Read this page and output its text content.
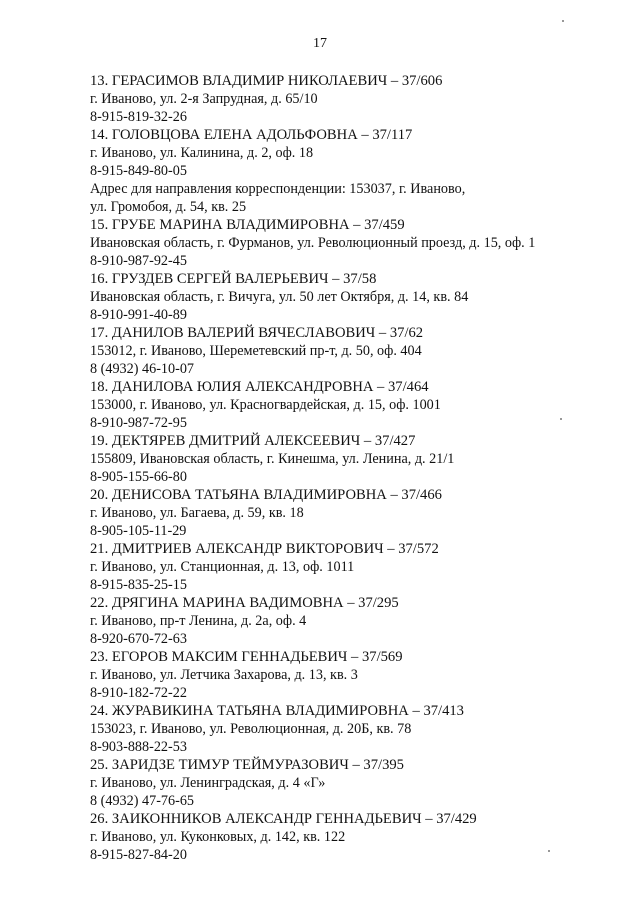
17
13. ГЕРАСИМОВ ВЛАДИМИР НИКОЛАЕВИЧ – 37/606
г. Иваново, ул. 2-я Запрудная, д. 65/10
8-915-819-32-26
14. ГОЛОВЦОВА ЕЛЕНА АДОЛЬФОВНА – 37/117
г. Иваново, ул. Калинина, д. 2, оф. 18
8-915-849-80-05
Адрес для направления корреспонденции: 153037, г. Иваново,
ул. Громобоя, д. 54, кв. 25
15. ГРУБЕ МАРИНА ВЛАДИМИРОВНА – 37/459
Ивановская область, г. Фурманов, ул. Революционный проезд, д. 15, оф. 1
8-910-987-92-45
16. ГРУЗДЕВ СЕРГЕЙ ВАЛЕРЬЕВИЧ – 37/58
Ивановская область, г. Вичуга, ул. 50 лет Октября, д. 14, кв. 84
8-910-991-40-89
17. ДАНИЛОВ ВАЛЕРИЙ ВЯЧЕСЛАВОВИЧ – 37/62
153012, г. Иваново, Шереметевский пр-т, д. 50, оф. 404
8 (4932) 46-10-07
18. ДАНИЛОВА ЮЛИЯ АЛЕКСАНДРОВНА – 37/464
153000, г. Иваново, ул. Красногвардейская, д. 15, оф. 1001
8-910-987-72-95
19. ДЕКТЯРЕВ ДМИТРИЙ АЛЕКСЕЕВИЧ – 37/427
155809, Ивановская область, г. Кинешма, ул. Ленина, д. 21/1
8-905-155-66-80
20. ДЕНИСОВА ТАТЬЯНА ВЛАДИМИРОВНА – 37/466
г. Иваново, ул. Багаева, д. 59, кв. 18
8-905-105-11-29
21. ДМИТРИЕВ АЛЕКСАНДР ВИКТОРОВИЧ – 37/572
г. Иваново, ул. Станционная, д. 13, оф. 1011
8-915-835-25-15
22. ДРЯГИНА МАРИНА ВАДИМОВНА – 37/295
г. Иваново, пр-т Ленина, д. 2а, оф. 4
8-920-670-72-63
23. ЕГОРОВ МАКСИМ ГЕННАДЬЕВИЧ – 37/569
г. Иваново, ул. Летчика Захарова, д. 13, кв. 3
8-910-182-72-22
24. ЖУРАВИКИНА ТАТЬЯНА ВЛАДИМИРОВНА – 37/413
153023, г. Иваново, ул. Революционная, д. 20Б, кв. 78
8-903-888-22-53
25. ЗАРИДЗЕ ТИМУР ТЕЙМУРАЗОВИЧ – 37/395
г. Иваново, ул. Ленинградская, д. 4 «Г»
8 (4932) 47-76-65
26. ЗАИКОННИКОВ АЛЕКСАНДР ГЕННАДЬЕВИЧ – 37/429
г. Иваново, ул. Куконковых, д. 142, кв. 122
8-915-827-84-20
